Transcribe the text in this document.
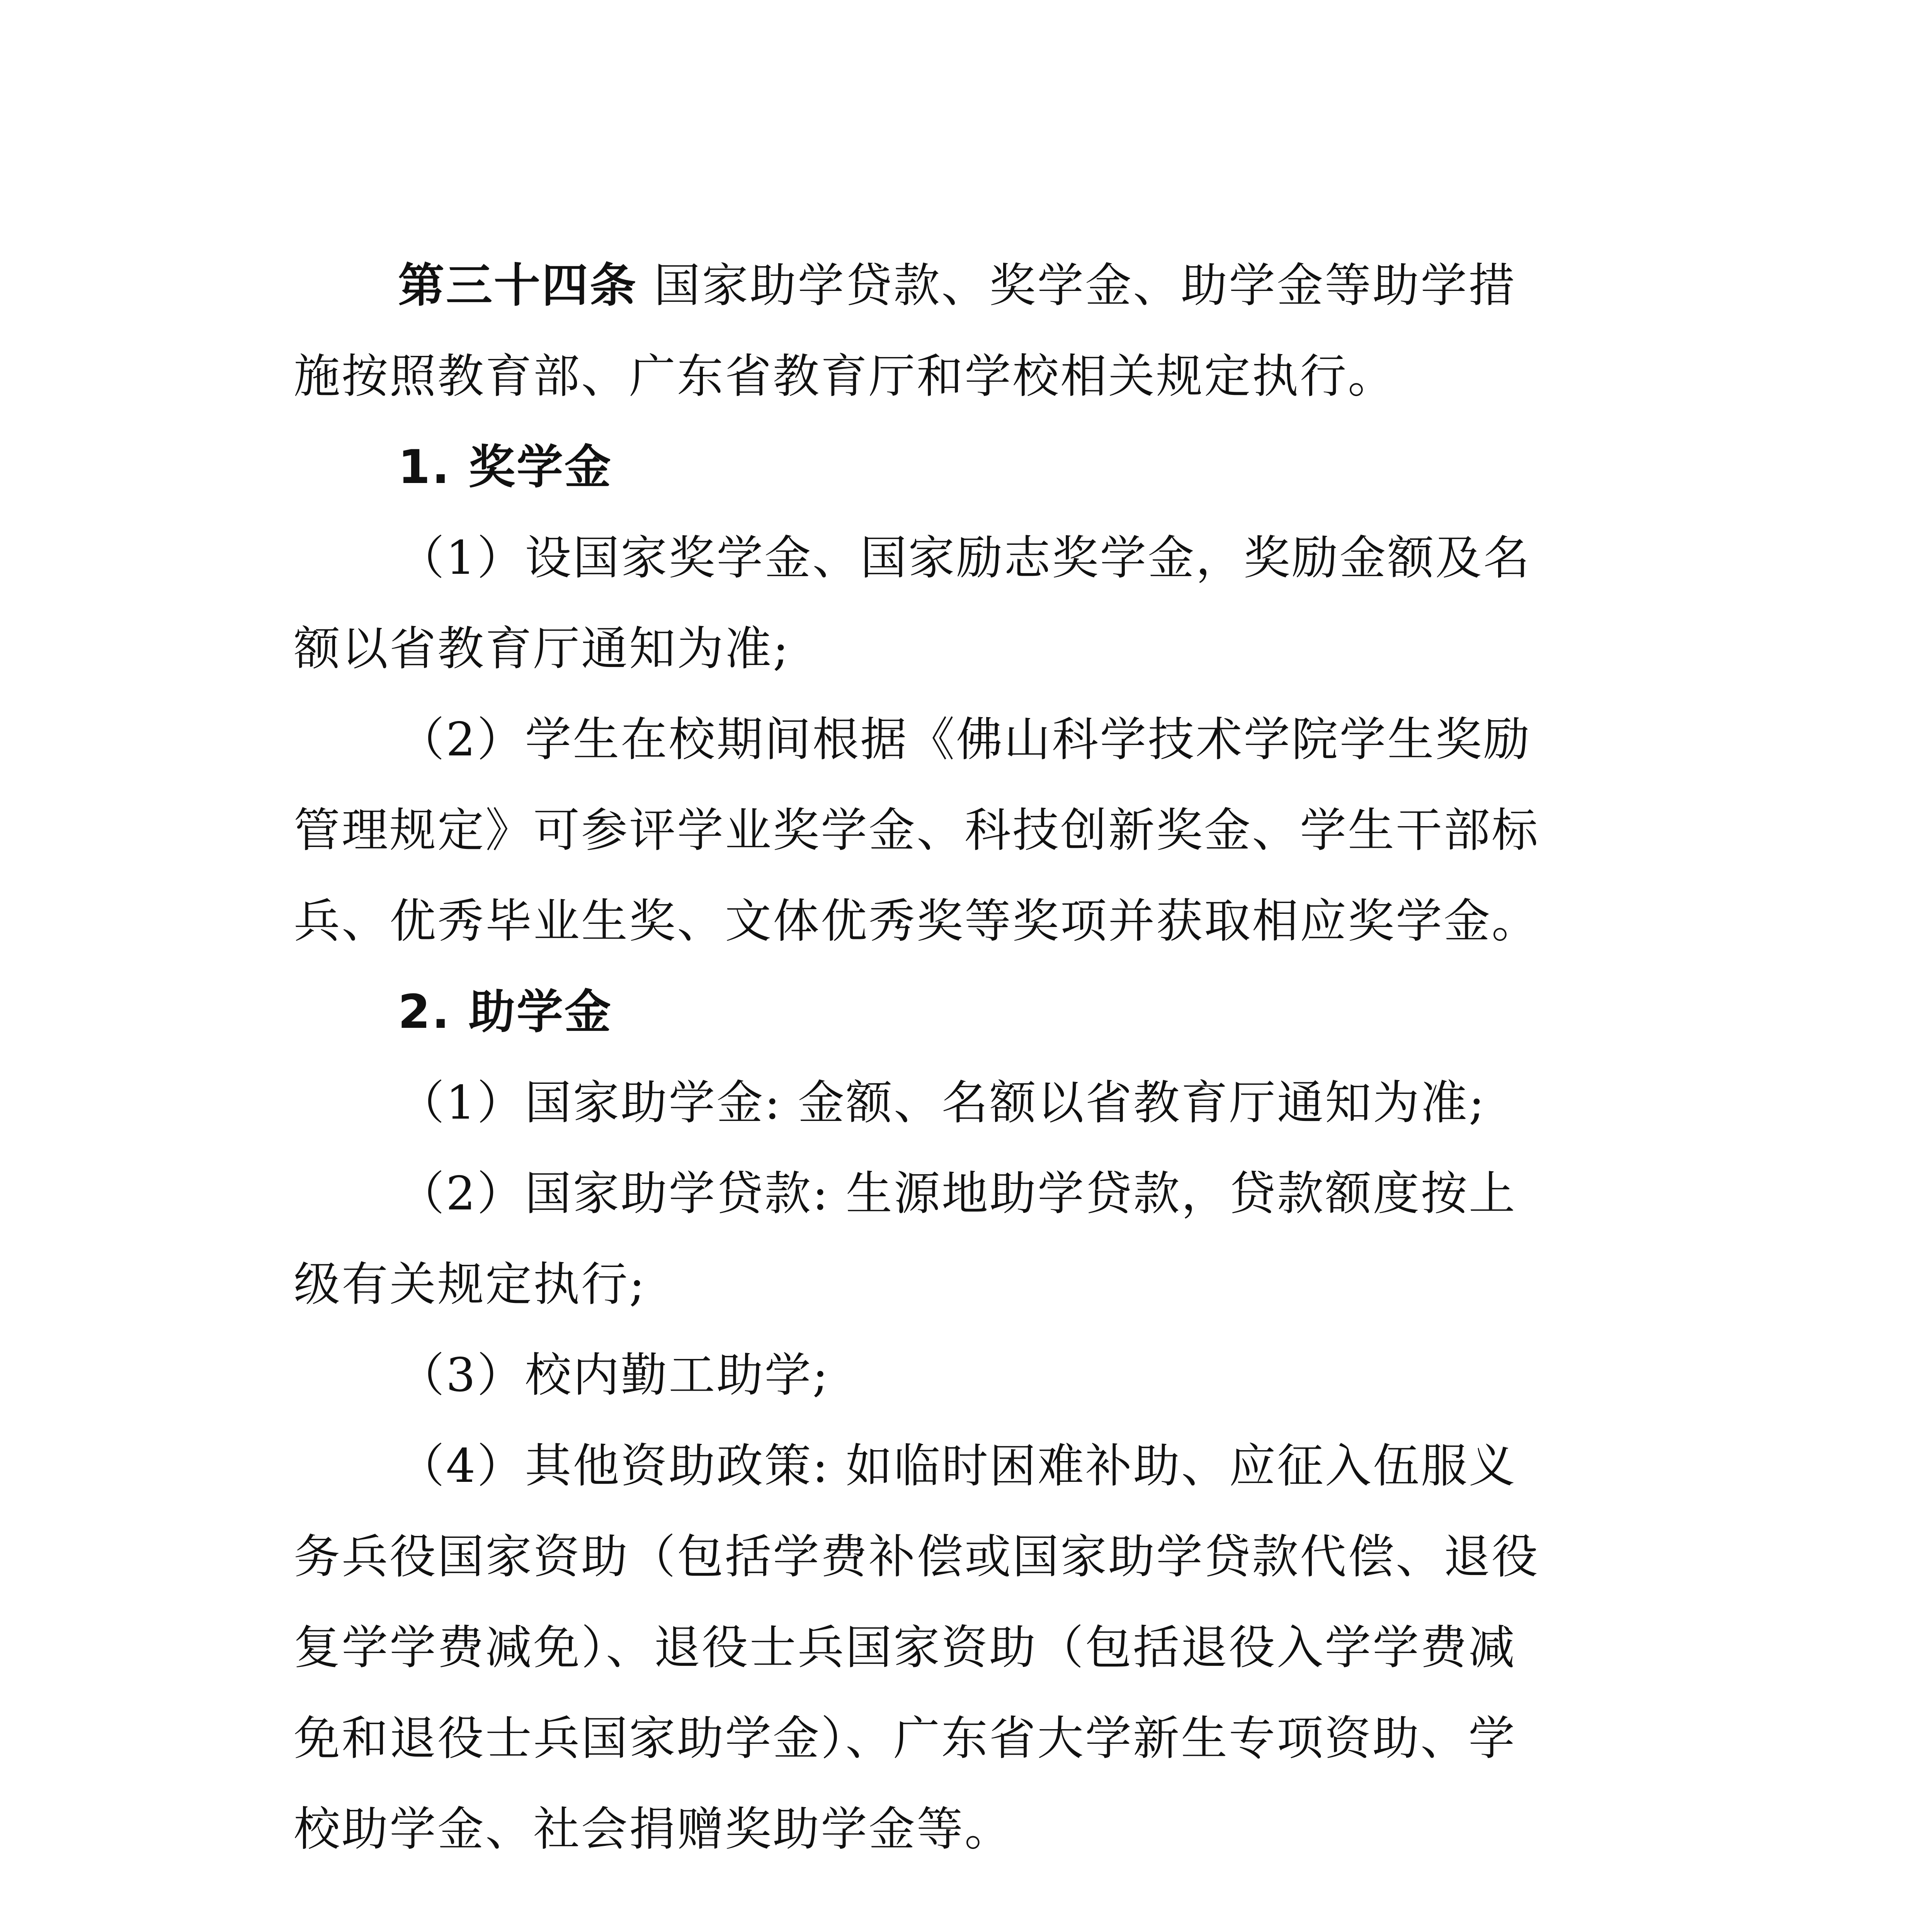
第三十四条 国家助学贷款、奖学金、助学金等助学措
施按照教育部、广东省教育厅和学校相关规定执行。
1. 奖学金
（1）设国家奖学金、国家励志奖学金，奖励金额及名
额以省教育厅通知为准;
（2）学生在校期间根据《佛山科学技术学院学生奖励
管理规定》可参评学业奖学金、科技创新奖金、学生干部标
兵、优秀毕业生奖、文体优秀奖等奖项并获取相应奖学金。
2. 助学金
（1）国家助学金: 金额、名额以省教育厅通知为准;
（2）国家助学贷款: 生源地助学贷款，贷款额度按上
级有关规定执行;
（3）校内勤工助学;
（4）其他资助政策: 如临时困难补助、应征入伍服义
务兵役国家资助（包括学费补偿或国家助学贷款代偿、退役
复学学费减免）、退役士兵国家资助（包括退役入学学费减
免和退役士兵国家助学金）、广东省大学新生专项资助、学
校助学金、社会捐赠奖助学金等。
